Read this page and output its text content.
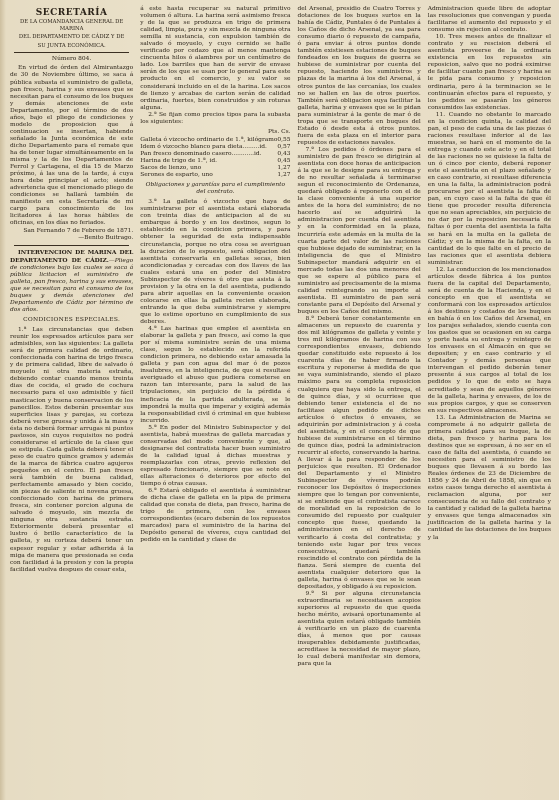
SECRETARÍA

DE LA COMANDANCIA GENERAL DE MARINA

DEL DEPARTAMENTO DE CÁDIZ Y DE

SU JUNTA ECONÓMICA.

Número 804.

En virtud de órden del Almirantazgo de 30 de Noviembre último, se saca á pública subasta el suministro de galleta, pan fresco, harina y sus envases que se necesitan para el consumo de los buques y demás atenciones de este Departamento, por el término de dos años, bajo el pliego de condiciones y modelo de proposicion que á continuacion se insertan, habiendo señalado la Junta económica de este dicho Departamento para el remate que ha de tener lugar simultáneamente en la misma y la de los Departamentos de Ferrol y Cartagena, el dia 15 de Marzo próximo, á las una de la tarde, á cuya hora debe principiar el acto; siendo advertencia que el mencionado pliego de condiciones se hallará también de manifiesto en esta Secretaría de mi cargo para conocimiento de los licitadores á las horas hábiles de oficinas, en los días no feriados.

San Fernando 7 de Febrero de 1871.—Benito Buitrago.

INTERVENCION DE MARINA DEL DEPARTAMENTO DE CÁDIZ.—Pliego de condiciones bajo las cuales se saca á pública licitacion el suministro de galleta, pan fresco, harina y sus envases, que se necesitan para el consumo de los buques y demás atenciones del Departamento de Cádiz por término de dos años.

CONDICIONES ESPECIALES.

1.ª Las circunstancias que deben reunir los espresados artículos para ser admisibles, son las siguientes: La galleta será de primera calidad de ordinario, confeccionada con harina de trigo fresca y de primera calidad, libre de salvado ó moyuelo ni otra materia estraña, debiendo contar cuando menos treinta dias de cocida, el grado de cochura necesario para el uso admisible y fácil masticacion y buena conservacion de los panecillos. Estos deberán presentar sus superficies lisas y parejas, su corteza deberá verse gruesa y unida á la masa y ésta no deberá formar arrugas ni puntos pastosos, sin cuyos requisitos no podrá considerarse el artículo de la clase que se estipula. Cada galleta deberá tener el peso de cuatro quince gramos y además de la marca de fábrica cuatro agujeros pequeños en el centro. El pan fresco será también de buena calidad, perfectamente amasado y bien cocido, sin piezas de saliente ni novena gruesa, confeccionado con harina de primera fresca, sin contener porcion alguna de salvado ó moyuelo, sin mezcla de ninguna otra sustancia estraña. Exteriormente deberá presentar el lustro ó brillo característico de la galleta, y su corteza deberá tener un espesor regular y estar adherida á la miga de manera que presionada se ceda con facilidad á la presion y con la propia facilidad vuelva despues de cesar esta,

á este hasta recuperar su natural primitivo volumen ó altura. La harina será asimismo fresca y de la que se produzca en trigo de primera calidad, limpia, pura y sin mezcla de ninguna otra semilla ni sustancia, con expulsion también de salvado ó moyuelo, y cuyo cernido se halle verificado por cedazo que al menos mantenga cincuenta hilos ó alambres por un centímetro de lado. Los barriles que han de servir de envase serán de los que se usan por lo general para este producto en el comercio, y su valor se considerará incluido en el de la harina. Los sacos de lienzo y arcabas de carton serán de calidad ordinaria, fuertes, bien construidos y sin roturas alguna.

2.ª Se fijan como precios tipos para la subasta los siguientes:

Pts. Cs.
Galleta ó vizcocho ordinario de 1.ª, kilógramo 0,55
Idem ó vizcocho blanco para dieta.........id. 0,57
Pan fresco denominado casero............id.	0,43
Harina de trigo de 1.ª, id.	0,45
Sacos de lienzo, uno	1,27
Serones de esparto, uno	1,27

Obligaciones y garantías para el cumplimiento del contrato.

3.ª La galleta ó vizcocho que haya de suministrarse por el asentista estará elaborada con treinta dias de anticipacion al de su embarque á bordo y en los destinos, segun lo establecido en la condicion primera, y para obtener la seguridad de esta indispensable circunstancia, porque no otra cosa se averiguan la duracion de lo espuesto, será obligacion del asentista conservarla en galletas secas, bien acondicionadas y cercadas con dos llaves de las cuales estará una en poder del Ministro Subinspector de víveres ú otro que asista á la provision y la otra en la del asentista, pudiendo para abrir aquellas en la conveniente ocasion colocarse en ellas la galleta recien elaborada, entrando la que deba suministrarse y siempre que lo estime oportuno en cumplimiento de sus deberes.

4.ª Las harinas que emplee el asentista en elaborar la galleta y pan fresco, así como la que por sí misma suministre serán de una misma clase, segun lo establecido en la referida condicion primera, no debiendo estar amasada la galleta y pan con agua del mar ó de pozos insalubres, en la inteligencia, de que si resultase averiguado el abuso que pudiera cometerse en razon tan interesante, para la salud de las tripulaciones, sin perjuicio de la pérdida é ineficacia de la partida adulterada, se le impondrá la multa que imperar y exigirá además la responsabilidad civil ó criminal en que hubiese incurrido.

5.ª En poder del Ministro Subinspector y del asentista, habrá muestras de galleta marcadas y conservadas del modo conveniente y que, al designarse del contratista hacer buen suministro de la calidad igual á dichas muestras y reemplazarlas con otras, previo reflexion del espresado funcionario, siempre que se note en ellas alteraciones ó deterioros por efecto del tiempo ó otras causas.

6.ª Estará obligado el asentista á suministrar de dicha clase de galleta en la pipa de primera calidad que consta de dieta, pan fresco, harina de trigo de primera, con los envases correspondientes (ecaro deberán de los repuestos marcados) para el suministro de la harina del Depósito general de víveres, cuya cantidad del pedido en la cantidad y clase de

del Arsenal, presidio de Cuatro Torres y dotaciones de los buques surtos en la bahía de Cádiz, Puntales ó de Puntales á los Caños de dicho Arsenal, ya sea para consumo diario ó repuesto de campaña, ó para enviar á otros puntos donde también existiesen estaciones de buques fondeados en los buques de guerra se hubiese de suministrar por cuenta del repuesto, haciendo los suministros y plazas de la marina á los del Arsenal, á otros puntos de las cercanías, los cuales no se hallen en las de otros puertos. También será obligacion suya facilitar la galleta, harina y envases que se le pidan para suministrar á la gente de mar ó de tropa que se transporte en buques del Estado ó desde esta á otros puntos. fuera de esta plaza en el interior para repuestos de estaciones navales.

7.ª Los pedidos ó órdenes para el suministro de pan fresco se dirigirán al asentista con doce horas de anticipacion á la que se le designe para su entrega y de no resultar señalada á terminarse segun el reconocimiento de Ordenanza, quedará obligado á reponerlo con el de la clase conveniente á una superior antes de la hora del suministro; de no hacerlo así se adquirirá la administracion por cuenta del asentista y en la conformidad en la plaza, incurriría este además en la multa de la cuarta parte del valor de las raciones que hubiese dejado de suministrar, en la inteligencia de que el Ministro Subinspector mandará adquirir en el mercado todas las dos una menores del que se espere al público para el suministro así precisamente de la misma calidad reintegrando su importe al asentista. El suministro de pan será constante para el Depósito del Arsenal y buques en los Caños del mismo.

8.ª Deberá tener constantemente en almacenes un repuesto de cuarenta y dos mil kilógramos de galleta y veinte y tres mil kilógramos de harina con sus correspondientes envases, debiendo quedar constituido este repuesto á los cuarenta días de haber firmado la escritura y reponerse á medida de que se vaya suministrando, siendo el plazo máximo para su completa reposicion cualquiera que haya sido la entrega, el de quince días, y si ocurriese que debiendo tener existencia el de no facilitase algun pedido de dichos artículos ó efectos ó envases, se adquirirán por administracion y á costa del asentista, y en el concepto de que hubiese de suministrarse en el término de quince días, podrá la administracion recurrir al efecto, conservando la harina. A llevar á la para responder de los perjuicios que resulten. El Ordenador del Departamento y el Ministro Subinspector de víveres podrán reconocer los Depósitos ó inspecciones siempre que lo tengan por conveniente, si se entiende que el contratista carece de moralidad en la reposicion de lo consumido del repuesto por cualquier concepto que fuese, quedando la administracion en el derecho de verificarlo á costa del contratista; y teniendo este lugar por tres veces consecutivas, quedará también rescindido el contrato con pérdida de la fianza. Será siempre de cuenta del asentista cualquier deterioro que la galleta, harina ó envases que se le sean depositados, y obligado á su reposicion.

9.ª Si por alguna circunstancia extraordinaria se necesitasen acopios superiores al repuesto de que queda hecho mérito, avisará oportunamente al asentista quien estará obligado también á verificarlo en un plazo de cuarenta días, á menos que por causas insuperables debidamente justificadas, acreditase la necesidad de mayor plazo, lo cual deberá manifestar sin demora, para que la

Administracion quede libre de adoptar las resoluciones que convengan y pueda facilitarse el aumento del repuesto y el consumo sin rejecion al contrato.

10. Tres meses antes de finalizar el contrato y su rescision deberá el asentista proveerse de la ordinaria existencia en los repuestos sin reposicion, salvo que no podrá eximirse de facilitar cuanto pan fresco y harina se le pida para consumo y reposicion ordinaria, pero á la terminacion se le continuarán efectos para el repuesto, y los pedidos se pasarán los géneros consumidos las existencias.

11. Cuando no obstante lo marcado en la condicion quinta, la calidad del pan, el peso de cada una de las piezas ó raciones resultase inferior al de las muestras, se hará en el momento de la entrega y cuando este acto y en el total de las raciones no se quisiese la falta de un ó cinco por ciento, deberá reponer este el asentista en el plazo señalado y en caso contrario, si resultase diferencia en una la falta, la administracion podrá procurarse por el asentista la falta de pan, en cuyo caso si la falta de que él tiene que proceder resulta diferencia que no sean apreciables, sin perjuicio de no dar por la reposicion necesaria de faltas ó por cuenta del asentista la falta se hará en la multa en la galleta de Cádiz; y en la misma de la falta, en la cantidad de lo que falte en el precio de las raciones que el asentista debiera suministrar.

12. La conduccion de los mencionados artículos desde fábrica á los puntos fuera de la capital del Departamento, será de cuenta de la Hacienda, y en el concepto en que el asentista se conformará con los espresados artículos á los destinos y costados de los buques en bahía ó en los Caños del Arsenal, en los parajes señalados, siendo cuenta con los gastos que se ocasionen en su carga y porte hasta su entrega y reintegro de los envases en el Almacén en que se depositen; y en caso contrario y el Contador y demás personas que intervengan el pedido deberán tener presente á sus cargos al total de los pedidos y lo que de esto se haya acreditado y sean de aquellos géneros de la galleta, harina y envases, de los de sus propios cargos, y que se conserven en sus respectivos almacenes.

13. La Administracion de Marina se compromete á no adquirir galleta de primera calidad para su buque, la de dieta, pan fresco y harina para los destinos que se espresan, á no ser en el caso de falta del asentista, ó cuando se necesiten para el suministro de los buques que llevasen á su bordo las Reales órdenes de 23 de Diciembre de 1856 y 24 de Abril de 1858, sin que en estos casos tenga derecho el asentista á reclamacion alguna, por ser consecuencia de su fallo del contrato y la cantidad y calidad de la galleta harina y envases que tenga almacenados sin justificacion de la galleta harina y la cantidad de las dotaciones de los buques y la
